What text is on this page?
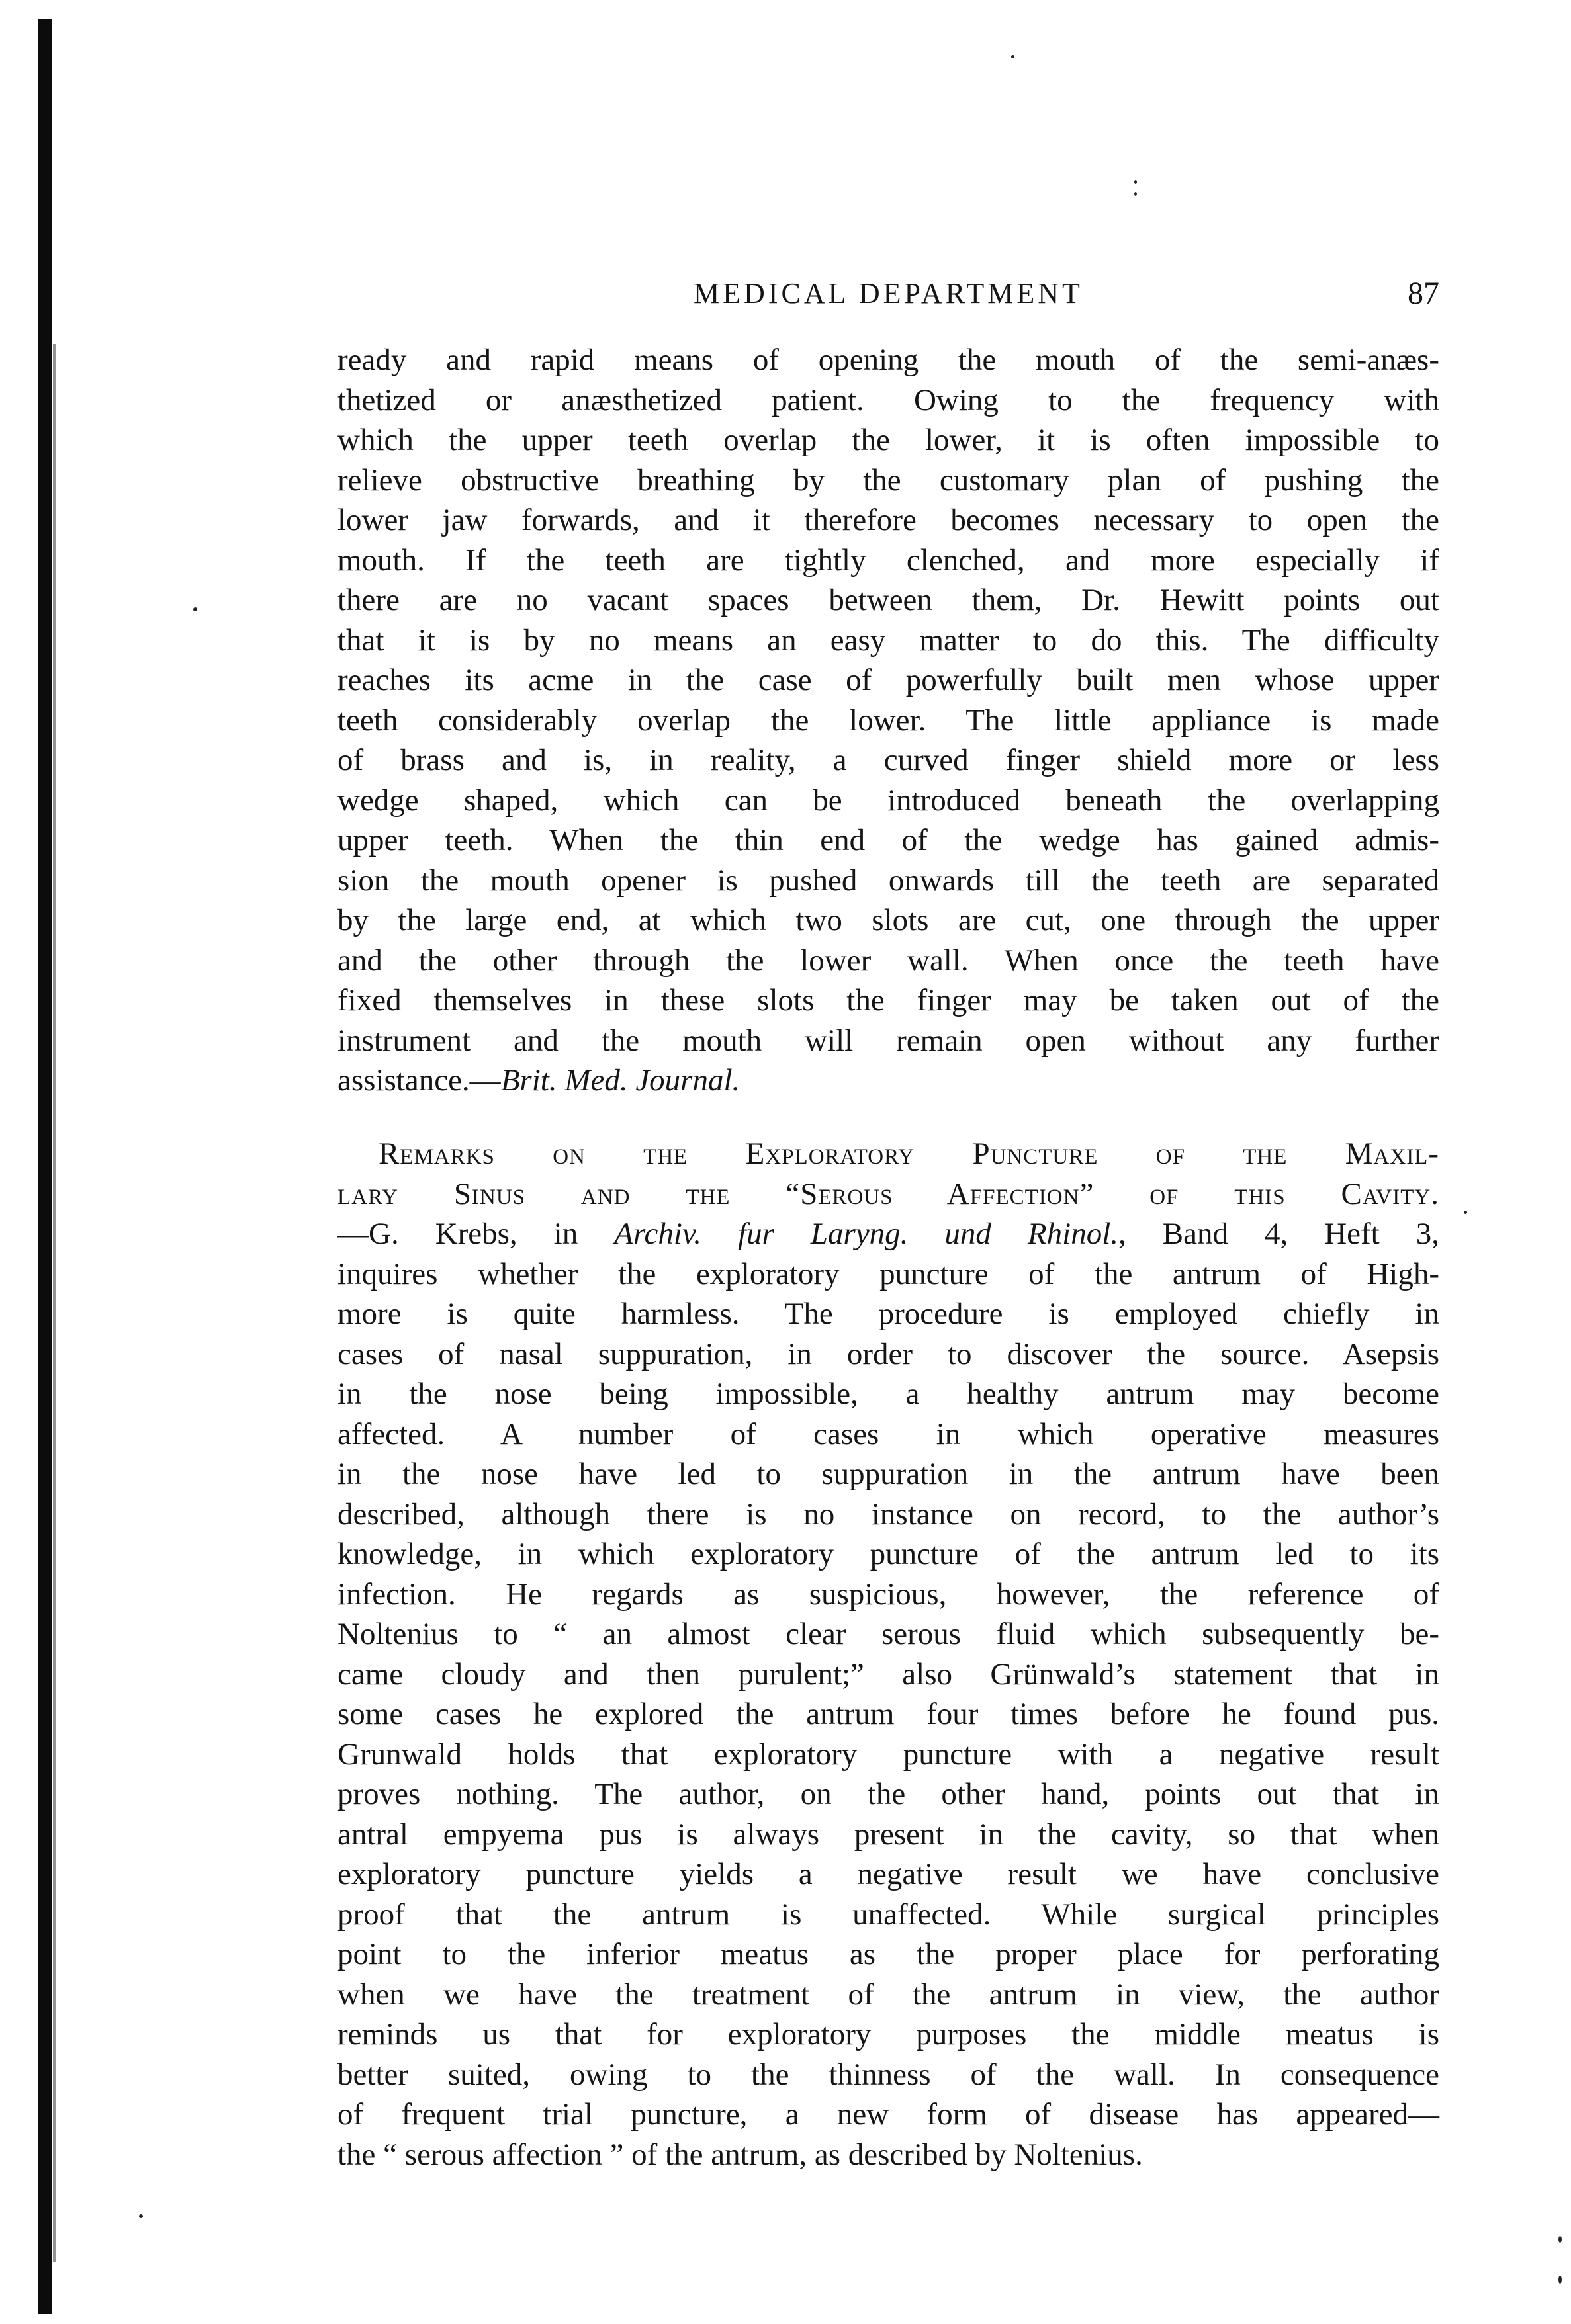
MEDICAL DEPARTMENT	87
ready and rapid means of opening the mouth of the semi-anæs-
thetized or anæsthetized patient. Owing to the frequency with
which the upper teeth overlap the lower, it is often impossible to
relieve obstructive breathing by the customary plan of pushing the
lower jaw forwards, and it therefore becomes necessary to open the
mouth. If the teeth are tightly clenched, and more especially if
there are no vacant spaces between them, Dr. Hewitt points out
that it is by no means an easy matter to do this. The difficulty
reaches its acme in the case of powerfully built men whose upper
teeth considerably overlap the lower. The little appliance is made
of brass and is, in reality, a curved finger shield more or less
wedge shaped, which can be introduced beneath the overlapping
upper teeth. When the thin end of the wedge has gained admis-
sion the mouth opener is pushed onwards till the teeth are separated
by the large end, at which two slots are cut, one through the upper
and the other through the lower wall. When once the teeth have
fixed themselves in these slots the finger may be taken out of the
instrument and the mouth will remain open without any further
assistance.—Brit. Med. Journal.
Remarks on the Exploratory Puncture of the Maxil-
lary Sinus and the “Serous Affection” of this Cavity.
—G. Krebs, in Archiv. fur Laryng. und Rhinol., Band 4, Heft 3,
inquires whether the exploratory puncture of the antrum of High-
more is quite harmless. The procedure is employed chiefly in
cases of nasal suppuration, in order to discover the source. Asepsis
in the nose being impossible, a healthy antrum may become
affected. A number of cases in which operative measures
in the nose have led to suppuration in the antrum have been
described, although there is no instance on record, to the author’s
knowledge, in which exploratory puncture of the antrum led to its
infection. He regards as suspicious, however, the reference of
Noltenius to “ an almost clear serous fluid which subsequently be-
came cloudy and then purulent;” also Grünwald’s statement that in
some cases he explored the antrum four times before he found pus.
Grunwald holds that exploratory puncture with a negative result
proves nothing. The author, on the other hand, points out that in
antral empyema pus is always present in the cavity, so that when
exploratory puncture yields a negative result we have conclusive
proof that the antrum is unaffected. While surgical principles
point to the inferior meatus as the proper place for perforating
when we have the treatment of the antrum in view, the author
reminds us that for exploratory purposes the middle meatus is
better suited, owing to the thinness of the wall. In consequence
of frequent trial puncture, a new form of disease has appeared—
the “ serous affection ” of the antrum, as described by Noltenius.
